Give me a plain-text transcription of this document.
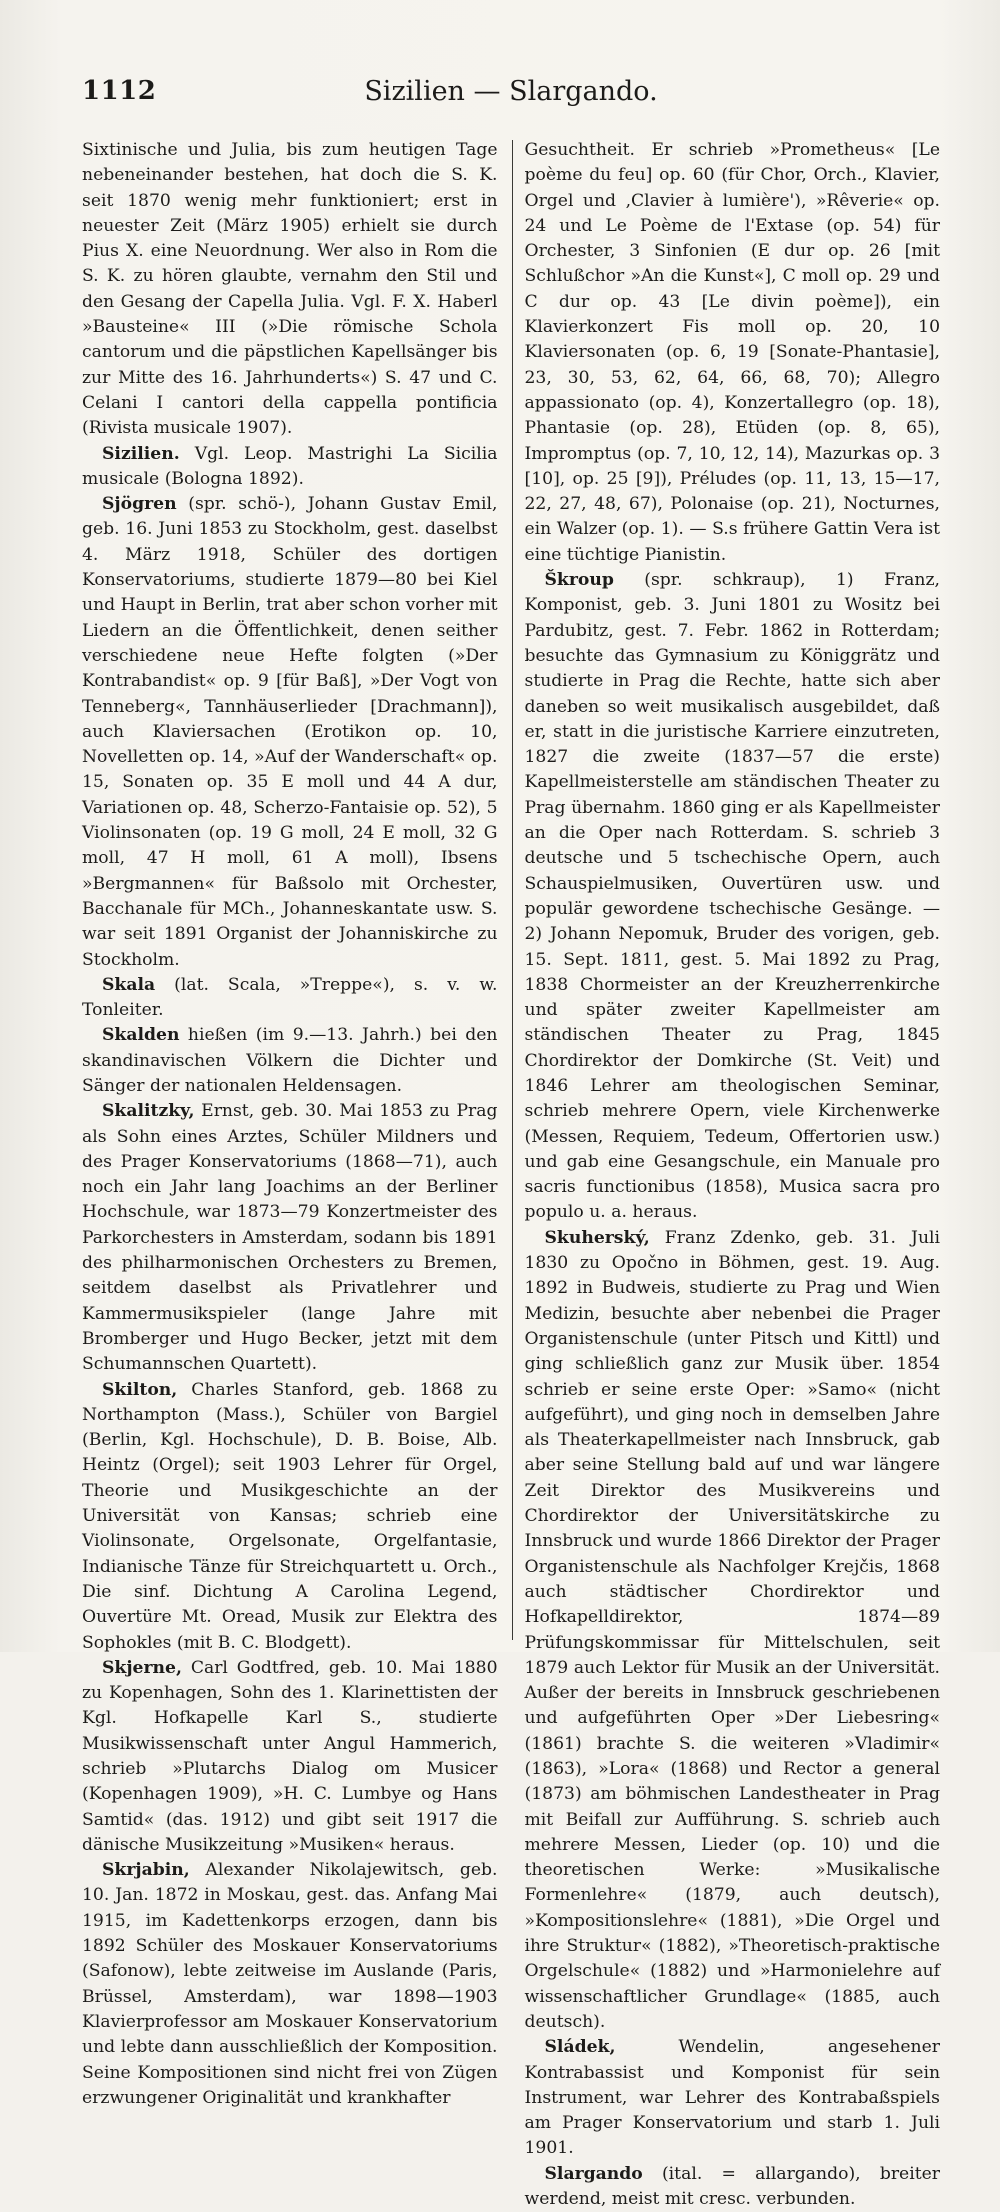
1112	Sizilien — Slargando.

Sixtinische und Julia, bis zum heutigen Tage nebeneinander bestehen, hat doch die S. K. seit 1870 wenig mehr funktioniert; erst in neuester Zeit (März 1905) erhielt sie durch Pius X. eine Neuordnung. Wer also in Rom die S. K. zu hören glaubte, vernahm den Stil und den Gesang der Capella Julia. Vgl. F. X. Haberl »Bausteine« III (»Die römische Schola cantorum und die päpstlichen Kapellsänger bis zur Mitte des 16. Jahrhunderts«) S. 47 und C. Celani I cantori della cappella pontificia (Rivista musicale 1907).

Sizilien. Vgl. Leop. Mastrighi La Sicilia musicale (Bologna 1892).

Sjögren (spr. schö-), Johann Gustav Emil, geb. 16. Juni 1853 zu Stockholm, gest. daselbst 4. März 1918, Schüler des dortigen Konservatoriums, studierte 1879—80 bei Kiel und Haupt in Berlin, trat aber schon vorher mit Liedern an die Öffentlichkeit, denen seither verschiedene neue Hefte folgten (»Der Kontrabandist« op. 9 [für Baß], »Der Vogt von Tenneberg«, Tannhäuserlieder [Drachmann]), auch Klaviersachen (Erotikon op. 10, Novelletten op. 14, »Auf der Wanderschaft« op. 15, Sonaten op. 35 E moll und 44 A dur, Variationen op. 48, Scherzo-Fantaisie op. 52), 5 Violinsonaten (op. 19 G moll, 24 E moll, 32 G moll, 47 H moll, 61 A moll), Ibsens »Bergmannen« für Baßsolo mit Orchester, Bacchanale für MCh., Johanneskantate usw. S. war seit 1891 Organist der Johanniskirche zu Stockholm.

Skala (lat. Scala, »Treppe«), s. v. w. Tonleiter.

Skalden hießen (im 9.—13. Jahrh.) bei den skandinavischen Völkern die Dichter und Sänger der nationalen Heldensagen.

Skalitzky, Ernst, geb. 30. Mai 1853 zu Prag als Sohn eines Arztes, Schüler Mildners und des Prager Konservatoriums (1868—71), auch noch ein Jahr lang Joachims an der Berliner Hochschule, war 1873—79 Konzertmeister des Parkorchesters in Amsterdam, sodann bis 1891 des philharmonischen Orchesters zu Bremen, seitdem daselbst als Privatlehrer und Kammermusikspieler (lange Jahre mit Bromberger und Hugo Becker, jetzt mit dem Schumannschen Quartett).

Skilton, Charles Stanford, geb. 1868 zu Northampton (Mass.), Schüler von Bargiel (Berlin, Kgl. Hochschule), D. B. Boise, Alb. Heintz (Orgel); seit 1903 Lehrer für Orgel, Theorie und Musikgeschichte an der Universität von Kansas; schrieb eine Violinsonate, Orgelsonate, Orgelfantasie, Indianische Tänze für Streichquartett u. Orch., Die sinf. Dichtung A Carolina Legend, Ouvertüre Mt. Oread, Musik zur Elektra des Sophokles (mit B. C. Blodgett).

Skjerne, Carl Godtfred, geb. 10. Mai 1880 zu Kopenhagen, Sohn des 1. Klarinettisten der Kgl. Hofkapelle Karl S., studierte Musikwissenschaft unter Angul Hammerich, schrieb »Plutarchs Dialog om Musicer (Kopenhagen 1909), »H. C. Lumbye og Hans Samtid« (das. 1912) und gibt seit 1917 die dänische Musikzeitung »Musiken« heraus.

Skrjabin, Alexander Nikolajewitsch, geb. 10. Jan. 1872 in Moskau, gest. das. Anfang Mai 1915, im Kadettenkorps erzogen, dann bis 1892 Schüler des Moskauer Konservatoriums (Safonow), lebte zeitweise im Auslande (Paris, Brüssel, Amsterdam), war 1898—1903 Klavierprofessor am Moskauer Konservatorium und lebte dann ausschließlich der Komposition. Seine Kompositionen sind nicht frei von Zügen erzwungener Originalität und krankhafter

Gesuchtheit. Er schrieb »Prometheus« [Le poème du feu] op. 60 (für Chor, Orch., Klavier, Orgel und ‚Clavier à lumière'), »Rêverie« op. 24 und Le Poème de l'Extase (op. 54) für Orchester, 3 Sinfonien (E dur op. 26 [mit Schlußchor »An die Kunst«], C moll op. 29 und C dur op. 43 [Le divin poème]), ein Klavierkonzert Fis moll op. 20, 10 Klaviersonaten (op. 6, 19 [Sonate-Phantasie], 23, 30, 53, 62, 64, 66, 68, 70); Allegro appassionato (op. 4), Konzertallegro (op. 18), Phantasie (op. 28), Etüden (op. 8, 65), Impromptus (op. 7, 10, 12, 14), Mazurkas op. 3 [10], op. 25 [9]), Préludes (op. 11, 13, 15—17, 22, 27, 48, 67), Polonaise (op. 21), Nocturnes, ein Walzer (op. 1). — S.s frühere Gattin Vera ist eine tüchtige Pianistin.

Škroup (spr. schkraup), 1) Franz, Komponist, geb. 3. Juni 1801 zu Wositz bei Pardubitz, gest. 7. Febr. 1862 in Rotterdam; besuchte das Gymnasium zu Königgrätz und studierte in Prag die Rechte, hatte sich aber daneben so weit musikalisch ausgebildet, daß er, statt in die juristische Karriere einzutreten, 1827 die zweite (1837—57 die erste) Kapellmeisterstelle am ständischen Theater zu Prag übernahm. 1860 ging er als Kapellmeister an die Oper nach Rotterdam. S. schrieb 3 deutsche und 5 tschechische Opern, auch Schauspielmusiken, Ouvertüren usw. und populär gewordene tschechische Gesänge. — 2) Johann Nepomuk, Bruder des vorigen, geb. 15. Sept. 1811, gest. 5. Mai 1892 zu Prag, 1838 Chormeister an der Kreuzherrenkirche und später zweiter Kapellmeister am ständischen Theater zu Prag, 1845 Chordirektor der Domkirche (St. Veit) und 1846 Lehrer am theologischen Seminar, schrieb mehrere Opern, viele Kirchenwerke (Messen, Requiem, Tedeum, Offertorien usw.) und gab eine Gesangschule, ein Manuale pro sacris functionibus (1858), Musica sacra pro populo u. a. heraus.

Skuherský, Franz Zdenko, geb. 31. Juli 1830 zu Opočno in Böhmen, gest. 19. Aug. 1892 in Budweis, studierte zu Prag und Wien Medizin, besuchte aber nebenbei die Prager Organistenschule (unter Pitsch und Kittl) und ging schließlich ganz zur Musik über. 1854 schrieb er seine erste Oper: »Samo« (nicht aufgeführt), und ging noch in demselben Jahre als Theaterkapellmeister nach Innsbruck, gab aber seine Stellung bald auf und war längere Zeit Direktor des Musikvereins und Chordirektor der Universitätskirche zu Innsbruck und wurde 1866 Direktor der Prager Organistenschule als Nachfolger Krejčis, 1868 auch städtischer Chordirektor und Hofkapelldirektor, 1874—89 Prüfungskommissar für Mittelschulen, seit 1879 auch Lektor für Musik an der Universität. Außer der bereits in Innsbruck geschriebenen und aufgeführten Oper »Der Liebesring« (1861) brachte S. die weiteren »Vladimir« (1863), »Lora« (1868) und Rector a general (1873) am böhmischen Landestheater in Prag mit Beifall zur Aufführung. S. schrieb auch mehrere Messen, Lieder (op. 10) und die theoretischen Werke: »Musikalische Formenlehre« (1879, auch deutsch), »Kompositionslehre« (1881), »Die Orgel und ihre Struktur« (1882), »Theoretisch-praktische Orgelschule« (1882) und »Harmonielehre auf wissenschaftlicher Grundlage« (1885, auch deutsch).

Sládek, Wendelin, angesehener Kontrabassist und Komponist für sein Instrument, war Lehrer des Kontrabaßspiels am Prager Konservatorium und starb 1. Juli 1901.

Slargando (ital. = allargando), breiter werdend, meist mit cresc. verbunden.
